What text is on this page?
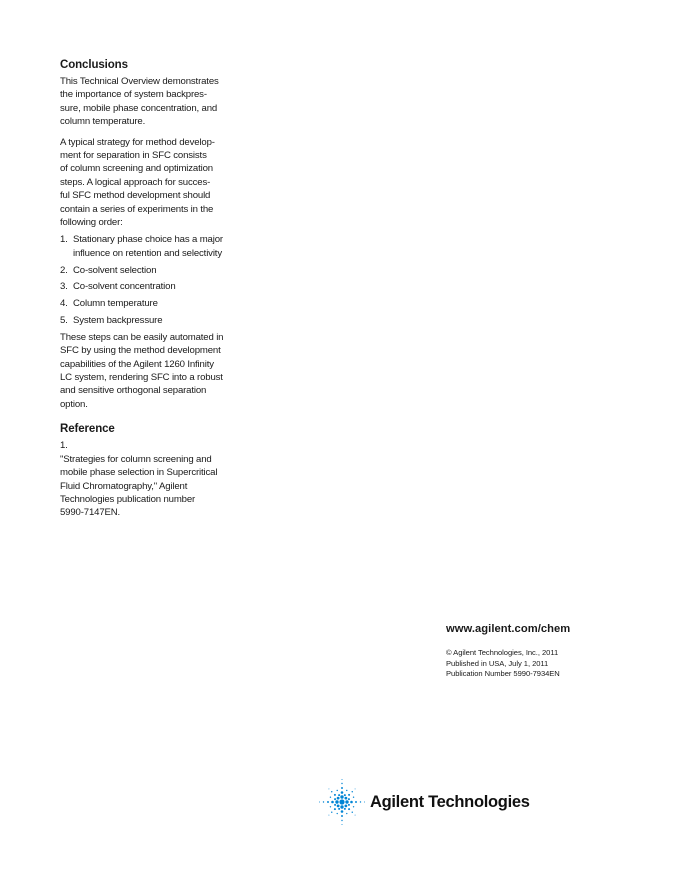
Conclusions

This Technical Overview demonstrates
the importance of system backpres-
sure, mobile phase concentration, and
column temperature.

A typical strategy for method develop-
ment for separation in SFC consists
of column screening and optimization
steps. A logical approach for succes-
ful SFC method development should
contain a series of experiments in the
following order:

1. Stationary phase choice has a major
influence on retention and selectivity
2. Co-solvent selection
3. Co-solvent concentration
4. Column temperature
5. System backpressure

These steps can be easily automated in
SFC by using the method development
capabilities of the Agilent 1260 Infinity
LC system, rendering SFC into a robust
and sensitive orthogonal separation
option.

Reference

1.

"Strategies for column screening and
mobile phase selection in Supercritical
Fluid Chromatography," Agilent
Technologies publication number
5990-7147EN.

www.agilent.com/chem
© Agilent Technologies, Inc., 2011
Published in USA, July 1, 2011
Publication Number 5990-7934EN
Agilent Technologies
